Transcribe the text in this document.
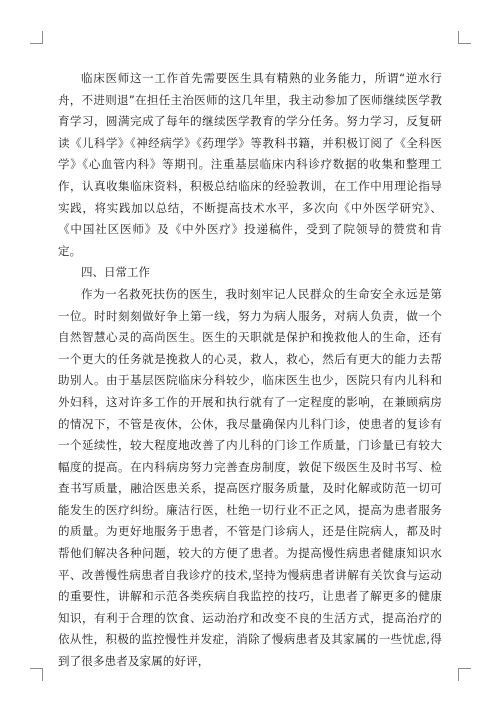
临床医师这一工作首先需要医生具有精熟的业务能力，所谓“逆水行舟，不进则退”在担任主治医师的这几年里，我主动参加了医师继续医学教育学习，圆满完成了每年的继续医学教育的学分任务。努力学习，反复研读《儿科学》《神经病学》《药理学》等教科书籍，并积极订阅了《全科医学》《心血管内科》等期刊。注重基层临床内科诊疗数据的收集和整理工作，认真收集临床资料，积极总结临床的经验教训，在工作中用理论指导实践，将实践加以总结，不断提高技术水平，多次向《中外医学研究》、《中国社区医师》及《中外医疗》投递稿件，受到了院领导的赞赏和肯定。

四、日常工作

作为一名救死扶伤的医生，我时刻牢记人民群众的生命安全永远是第一位。时时刻刻做好争上第一线，努力为病人服务，对病人负责，做一个自然智慧心灵的高尚医生。医生的天职就是保护和挽救他人的生命，还有一个更大的任务就是挽救人的心灵，救人，救心，然后有更大的能力去帮助别人。由于基层医院临床分科较少，临床医生也少，医院只有内儿科和外妇科，这对许多工作的开展和执行就有了一定程度的影响，在兼顾病房的情况下，不管是夜休，公休，我尽量确保内儿科门诊，使患者的复诊有一个延续性，较大程度地改善了内儿科的门诊工作质量，门诊量已有较大幅度的提高。在内科病房努力完善查房制度，敦促下级医生及时书写、检查书写质量，融洽医患关系，提高医疗服务质量，及时化解或防范一切可能发生的医疗纠纷。廉洁行医，杜绝一切行业不正之风，提高为患者服务的质量。为更好地服务于患者，不管是门诊病人，还是住院病人，都及时帮他们解决各种问题，较大的方便了患者。为提高慢性病患者健康知识水平、改善慢性病患者自我诊疗的技术,坚持为慢病患者讲解有关饮食与运动的重要性，讲解和示范各类疾病自我监控的技巧，让患者了解更多的健康知识，有利于合理的饮食、运动治疗和改变不良的生活方式，提高治疗的依从性，积极的监控慢性并发症，消除了慢病患者及其家属的一些忧虑,得到了很多患者及家属的好评，
